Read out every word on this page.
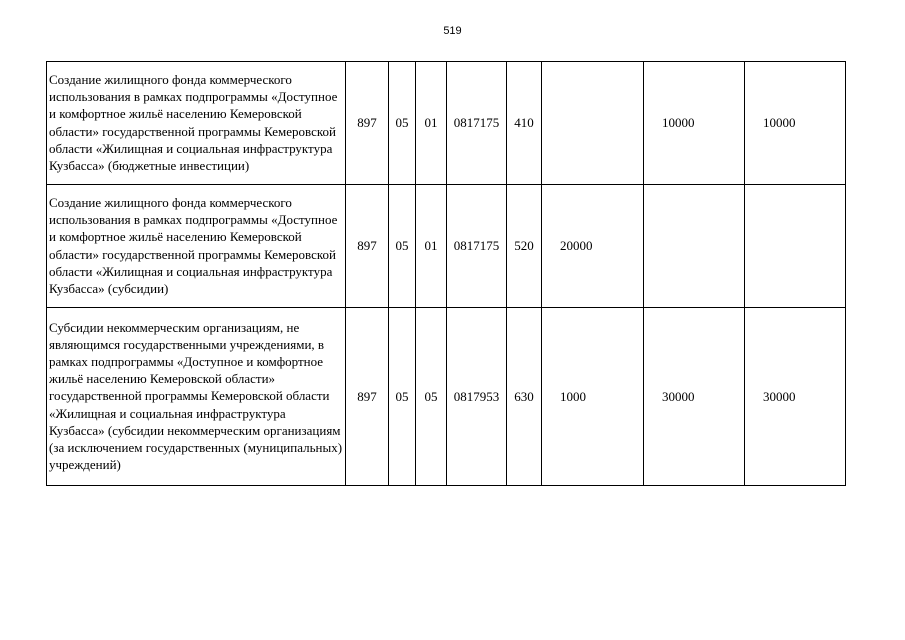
519
Создание жилищного фонда коммерческого использования в рамках подпрограммы «Доступное и комфортное жильё населению Кемеровской области» государственной программы Кемеровской области «Жилищная и социальная инфраструктура Кузбасса» (бюджетные инвестиции)	897	05	01	0817175	410		10000	10000
Создание жилищного фонда коммерческого использования в рамках подпрограммы «Доступное и комфортное жильё населению Кемеровской области» государственной программы Кемеровской области «Жилищная и социальная инфраструктура Кузбасса» (субсидии)	897	05	01	0817175	520	20000		
Субсидии некоммерческим организациям, не являющимся государственными учреждениями, в рамках подпрограммы «Доступное и комфортное жильё населению Кемеровской области» государственной программы Кемеровской области «Жилищная и социальная инфраструктура Кузбасса» (субсидии некоммерческим организациям (за исключением государственных (муниципальных) учреждений)	897	05	05	0817953	630	1000	30000	30000
